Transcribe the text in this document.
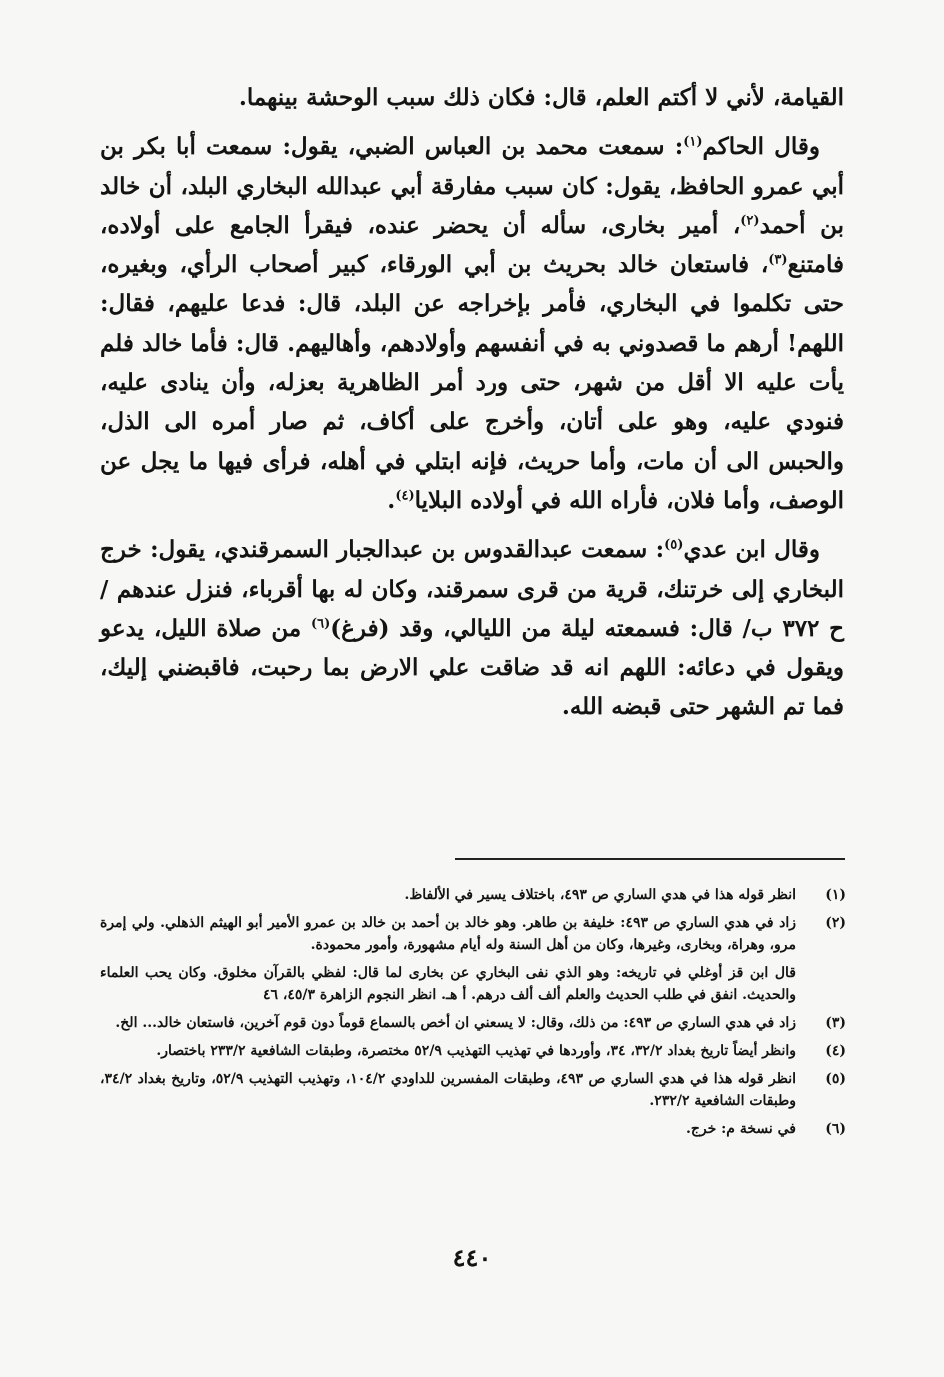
القيامة، لأني لا أكتم العلم، قال: فكان ذلك سبب الوحشة بينهما.

وقال الحاكم$^{(١)}$: سمعت محمد بن العباس الضبي، يقول: سمعت أبا بكر بن أبي عمرو الحافظ، يقول: كان سبب مفارقة أبي عبدالله البخاري البلد، أن خالد بن أحمد$^{(٢)}$، أمير بخارى، سأله أن يحضر عنده، فيقرأ الجامع على أولاده، فامتنع$^{(٣)}$، فاستعان خالد بحريث بن أبي الورقاء، كبير أصحاب الرأي، وبغيره، حتى تكلموا في البخاري، فأمر بإخراجه عن البلد، قال: فدعا عليهم، فقال: اللهم! أرهم ما قصدوني به في أنفسهم وأولادهم، وأهاليهم. قال: فأما خالد فلم يأت عليه الا أقل من شهر، حتى ورد أمر الظاهرية بعزله، وأن ينادى عليه، فنودي عليه، وهو على أتان، وأخرج على أكاف، ثم صار أمره الى الذل، والحبس الى أن مات، وأما حريث، فإنه ابتلي في أهله، فرأى فيها ما يجل عن الوصف، وأما فلان، فأراه الله في أولاده البلايا$^{(٤)}$.

وقال ابن عدي$^{(٥)}$: سمعت عبدالقدوس بن عبدالجبار السمرقندي، يقول: خرج البخاري إلى خرتنك، قرية من قرى سمرقند، وكان له بها أقرباء، فنزل عندهم /ح ٣٧٢ ب/ قال: فسمعته ليلة من الليالي، وقد (فرغ)$^{(٦)}$ من صلاة الليل، يدعو ويقول في دعائه: اللهم انه قد ضاقت علي الارض بما رحبت، فاقبضني إليك، فما تم الشهر حتى قبضه الله.

(١)
انظر قوله هذا في هدي الساري ص ٤٩٣، باختلاف يسير في الألفاظ.
(٢)
زاد في هدي الساري ص ٤٩٣: خليفة بن طاهر. وهو خالد بن أحمد بن خالد بن عمرو الأمير أبو الهيثم الذهلي. ولي إمرة مرو، وهراة، وبخارى، وغيرها، وكان من أهل السنة وله أيام مشهورة، وأمور محمودة.
قال ابن قز أوغلي في تاريخه: وهو الذي نفى البخاري عن بخارى لما قال: لفظي بالقرآن مخلوق. وكان يحب العلماء والحديث. انفق في طلب الحديث والعلم ألف ألف درهم. أ هـ. انظر النجوم الزاهرة ٤٥/٣، ٤٦
(٣)
زاد في هدي الساري ص ٤٩٣: من ذلك، وقال: لا يسعني ان أخص بالسماع قوماً دون قوم آخرين، فاستعان خالد... الخ.
(٤)
وانظر أيضاً تاريخ بغداد ٣٢/٢، ٣٤، وأوردها في تهذيب التهذيب ٥٢/٩ مختصرة، وطبقات الشافعية ٢٣٣/٢ باختصار.
(٥)
انظر قوله هذا في هدي الساري ص ٤٩٣، وطبقات المفسرين للداودي ١٠٤/٢، وتهذيب التهذيب ٥٢/٩، وتاريخ بغداد ٣٤/٢، وطبقات الشافعية ٢٣٢/٢.
(٦)
في نسخة م: خرج.
٤٤٠
